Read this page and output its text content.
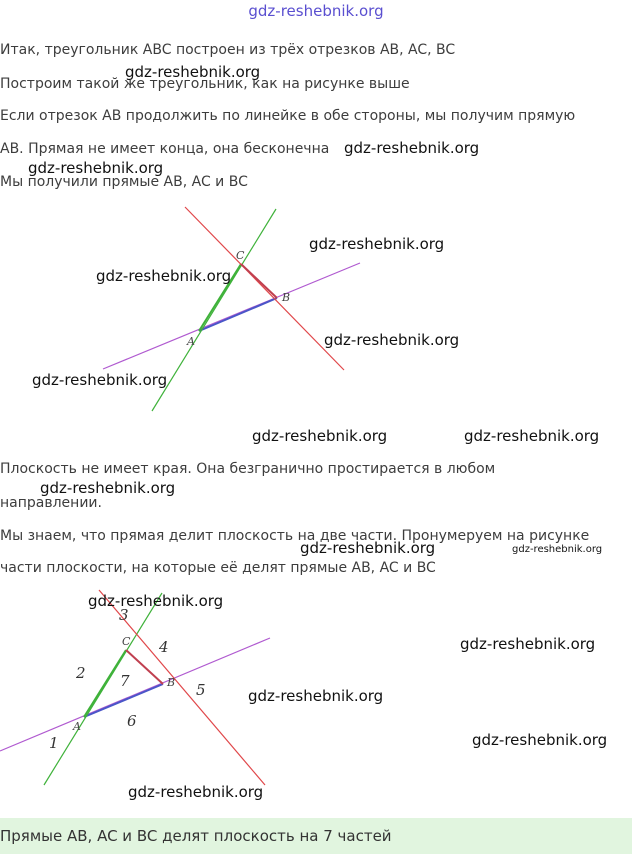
gdz-reshebnik.org
Итак, треугольник ABC построен из трёх отрезков AB, AC, BC
Построим такой же треугольник, как на рисунке выше
Если отрезок AB продолжить по линейке в обе стороны, мы получим прямую
AB. Прямая не имеет конца, она бесконечна
Мы получили прямые AB, AC и BC
A
B
C
Плоскость не имеет края. Она безгранично простирается в любом
направлении.
Мы знаем, что прямая делит плоскость на две части. Пронумеруем на рисунке
части плоскости, на которые её делят прямые AB, AC и BC
A
B
C
1
2
3
4
5
6
7
gdz-reshebnik.org
gdz-reshebnik.org
gdz-reshebnik.org
gdz-reshebnik.org
gdz-reshebnik.org
gdz-reshebnik.org
gdz-reshebnik.org
gdz-reshebnik.org	gdz-reshebnik.org
gdz-reshebnik.org
gdz-reshebnik.org	gdz-reshebnik.org
gdz-reshebnik.org
gdz-reshebnik.org
gdz-reshebnik.org
gdz-reshebnik.org
gdz-reshebnik.org
Прямые AB, AC и BC делят плоскость на 7 частей
